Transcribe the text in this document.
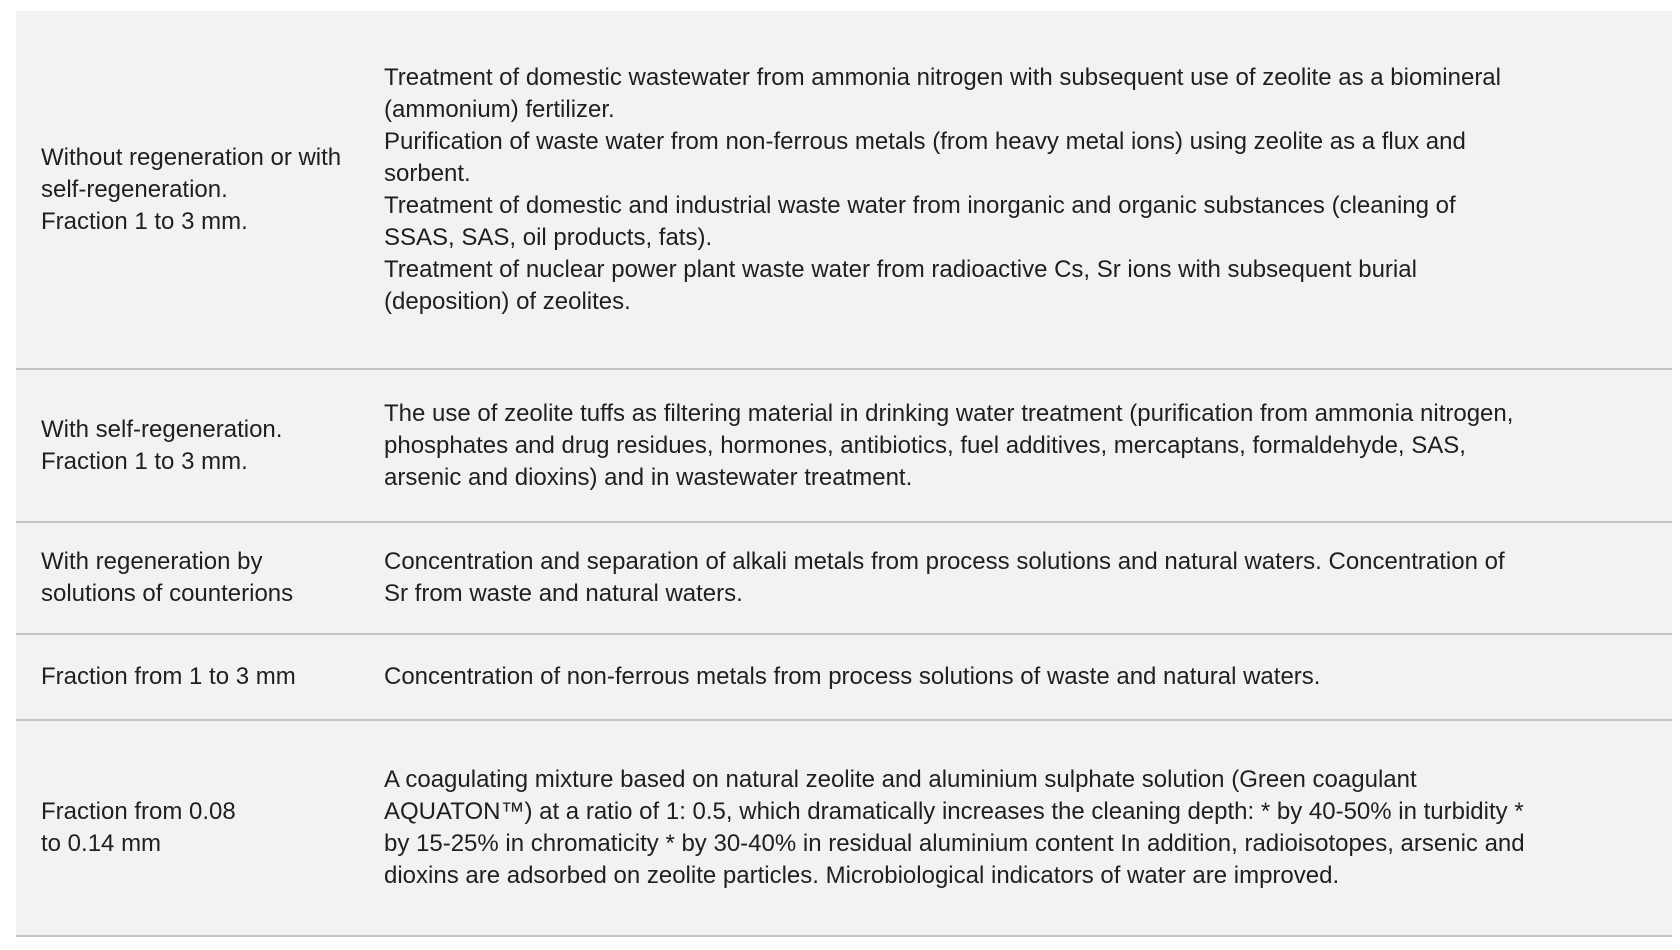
Without regeneration or with
self-regeneration.
Fraction 1 to 3 mm.
Treatment of domestic wastewater from ammonia nitrogen with subsequent use of zeolite as a biomineral
(ammonium) fertilizer.
Purification of waste water from non-ferrous metals (from heavy metal ions) using zeolite as a flux and
sorbent.
Treatment of domestic and industrial waste water from inorganic and organic substances (cleaning of
SSAS, SAS, oil products, fats).
Treatment of nuclear power plant waste water from radioactive Cs, Sr ions with subsequent burial
(deposition) of zeolites.
With self-regeneration.
Fraction 1 to 3 mm.
The use of zeolite tuffs as filtering material in drinking water treatment (purification from ammonia nitrogen,
phosphates and drug residues, hormones, antibiotics, fuel additives, mercaptans, formaldehyde, SAS,
arsenic and dioxins) and in wastewater treatment.
With regeneration by
solutions of counterions
Concentration and separation of alkali metals from process solutions and natural waters. Concentration of
Sr from waste and natural waters.
Fraction from 1 to 3 mm	Concentration of non-ferrous metals from process solutions of waste and natural waters.
Fraction from 0.08
to 0.14 mm
A coagulating mixture based on natural zeolite and aluminium sulphate solution (Green coagulant
AQUATON™) at a ratio of 1: 0.5, which dramatically increases the cleaning depth: * by 40-50% in turbidity *
by 15-25% in chromaticity * by 30-40% in residual aluminium content In addition, radioisotopes, arsenic and
dioxins are adsorbed on zeolite particles. Microbiological indicators of water are improved.
